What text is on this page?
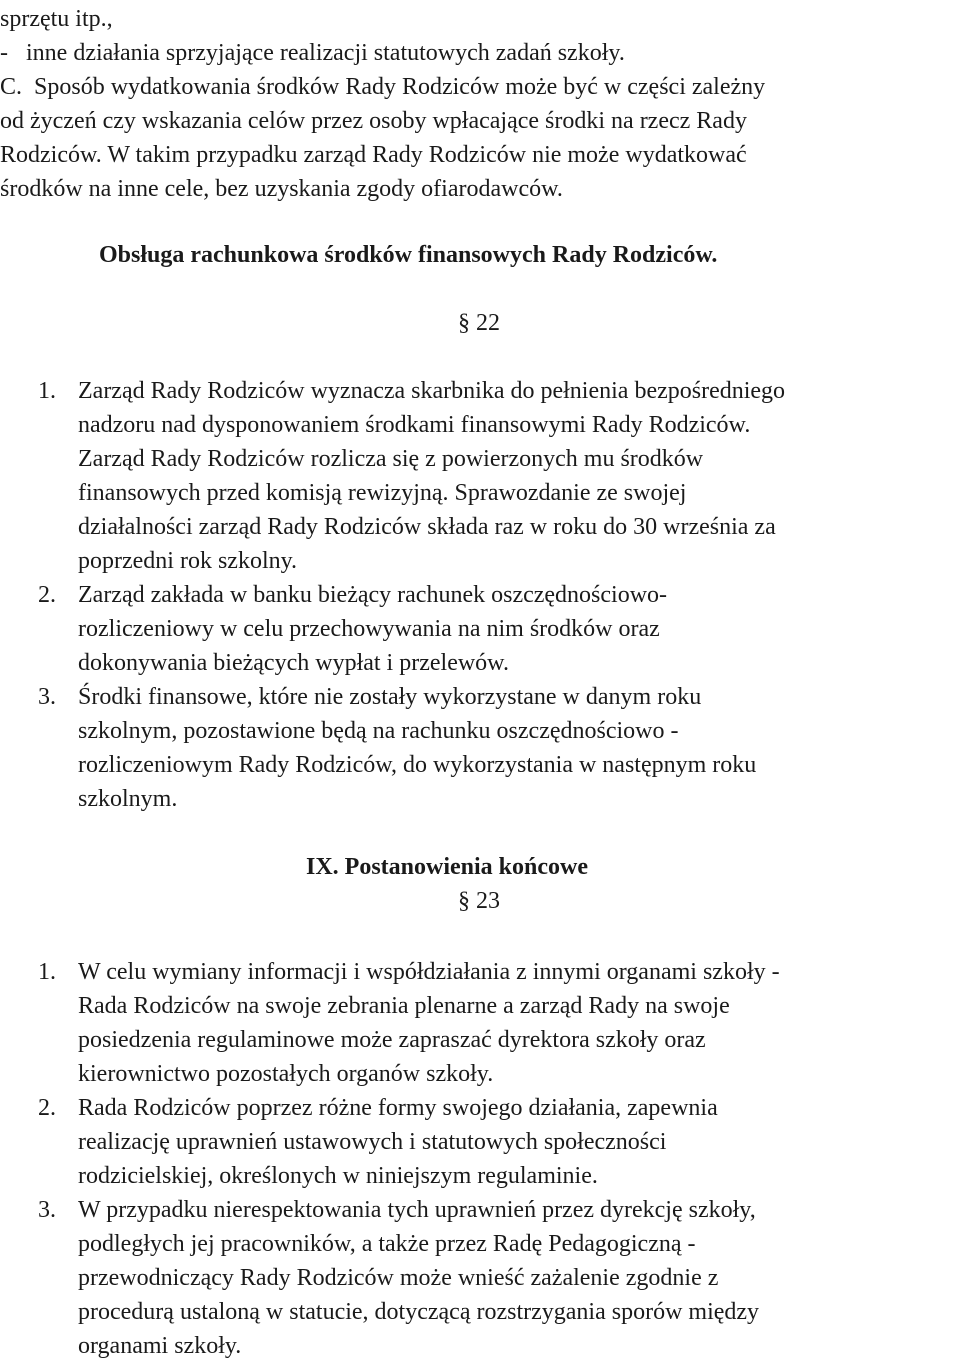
sprzętu itp.,
-   inne działania sprzyjające realizacji statutowych zadań szkoły.
C.  Sposób wydatkowania środków Rady Rodziców może być w części zależny
od życzeń czy wskazania celów przez osoby wpłacające środki na rzecz Rady
Rodziców. W takim przypadku zarząd Rady Rodziców nie może wydatkować
środków na inne cele, bez uzyskania zgody ofiarodawców.
Obsługa rachunkowa środków finansowych Rady Rodziców.
§ 22
1. Zarząd Rady Rodziców wyznacza skarbnika do pełnienia bezpośredniego
nadzoru nad dysponowaniem środkami finansowymi Rady Rodziców.
Zarząd Rady Rodziców rozlicza się z powierzonych mu środków
finansowych przed komisją rewizyjną. Sprawozdanie ze swojej
działalności zarząd Rady Rodziców składa raz w roku do 30 września za
poprzedni rok szkolny.
2. Zarząd zakłada w banku bieżący rachunek oszczędnościowo-
rozliczeniowy w celu przechowywania na nim środków oraz
dokonywania bieżących wypłat i przelewów.
3. Środki finansowe, które nie zostały wykorzystane w danym roku
szkolnym, pozostawione będą na rachunku oszczędnościowo -
rozliczeniowym Rady Rodziców, do wykorzystania w następnym roku
szkolnym.
IX. Postanowienia końcowe
§ 23
1. W celu wymiany informacji i współdziałania z innymi organami szkoły -
Rada Rodziców na swoje zebrania plenarne a zarząd Rady na swoje
posiedzenia regulaminowe może zapraszać dyrektora szkoły oraz
kierownictwo pozostałych organów szkoły.
2. Rada Rodziców poprzez różne formy swojego działania, zapewnia
realizację uprawnień ustawowych i statutowych społeczności
rodzicielskiej, określonych w niniejszym regulaminie.
3. W przypadku nierespektowania tych uprawnień przez dyrekcję szkoły,
podległych jej pracowników, a także przez Radę Pedagogiczną -
przewodniczący Rady Rodziców może wnieść zażalenie zgodnie z
procedurą ustaloną w statucie, dotyczącą rozstrzygania sporów między
organami szkoły.
